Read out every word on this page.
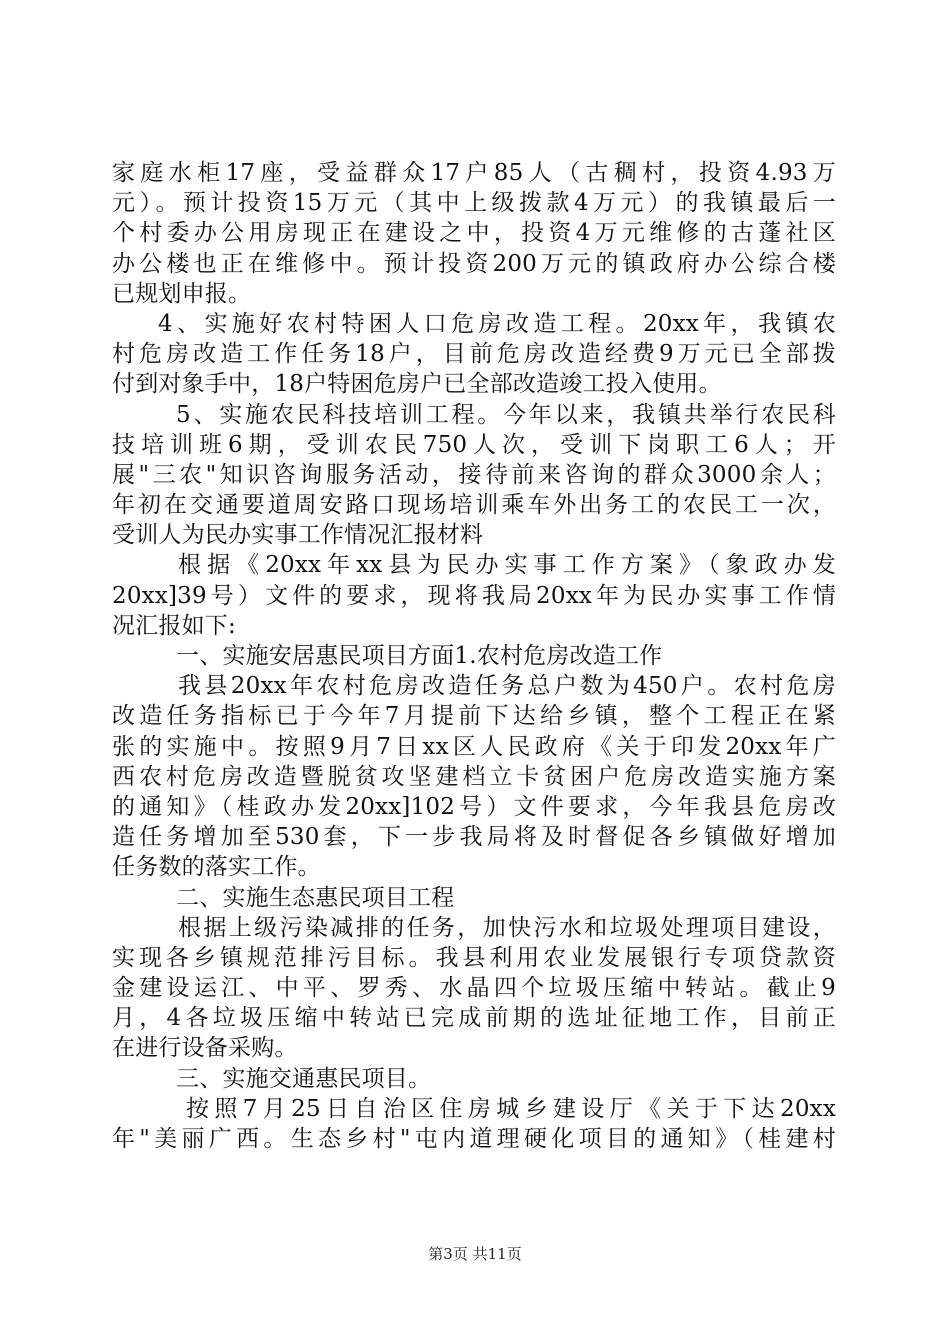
家庭水柜17座，受益群众17户85人（古稠村，投资4.93万
元）。预计投资15万元（其中上级拨款4万元）的我镇最后一
个村委办公用房现正在建设之中，投资4万元维修的古蓬社区
办公楼也正在维修中。预计投资200万元的镇政府办公综合楼
已规划申报。
4、实施好农村特困人口危房改造工程。20xx年，我镇农
村危房改造工作任务18户，目前危房改造经费9万元已全部拨
付到对象手中，18户特困危房户已全部改造竣工投入使用。
5、实施农民科技培训工程。今年以来，我镇共举行农民科
技培训班6期，受训农民750人次，受训下岗职工6人；开
展"三农"知识咨询服务活动，接待前来咨询的群众3000余人；
年初在交通要道周安路口现场培训乘车外出务工的农民工一次，
受训人为民办实事工作情况汇报材料
根据《20xx年xx县为民办实事工作方案》（象政办发
20xx]39号）文件的要求，现将我局20xx年为民办实事工作情
况汇报如下:
一、实施安居惠民项目方面1.农村危房改造工作
我县20xx年农村危房改造任务总户数为450户。农村危房
改造任务指标已于今年7月提前下达给乡镇，整个工程正在紧
张的实施中。按照9月7日xx区人民政府《关于印发20xx年广
西农村危房改造暨脱贫攻坚建档立卡贫困户危房改造实施方案
的通知》（桂政办发20xx]102号）文件要求，今年我县危房改
造任务增加至530套，下一步我局将及时督促各乡镇做好增加
任务数的落实工作。
二、实施生态惠民项目工程
根据上级污染减排的任务，加快污水和垃圾处理项目建设，
实现各乡镇规范排污目标。我县利用农业发展银行专项贷款资
金建设运江、中平、罗秀、水晶四个垃圾压缩中转站。截止9
月，4各垃圾压缩中转站已完成前期的选址征地工作，目前正
在进行设备采购。
三、实施交通惠民项目。
按照7月25日自治区住房城乡建设厅《关于下达20xx
年"美丽广西。生态乡村"屯内道理硬化项目的通知》（桂建村
第3页 共11页
